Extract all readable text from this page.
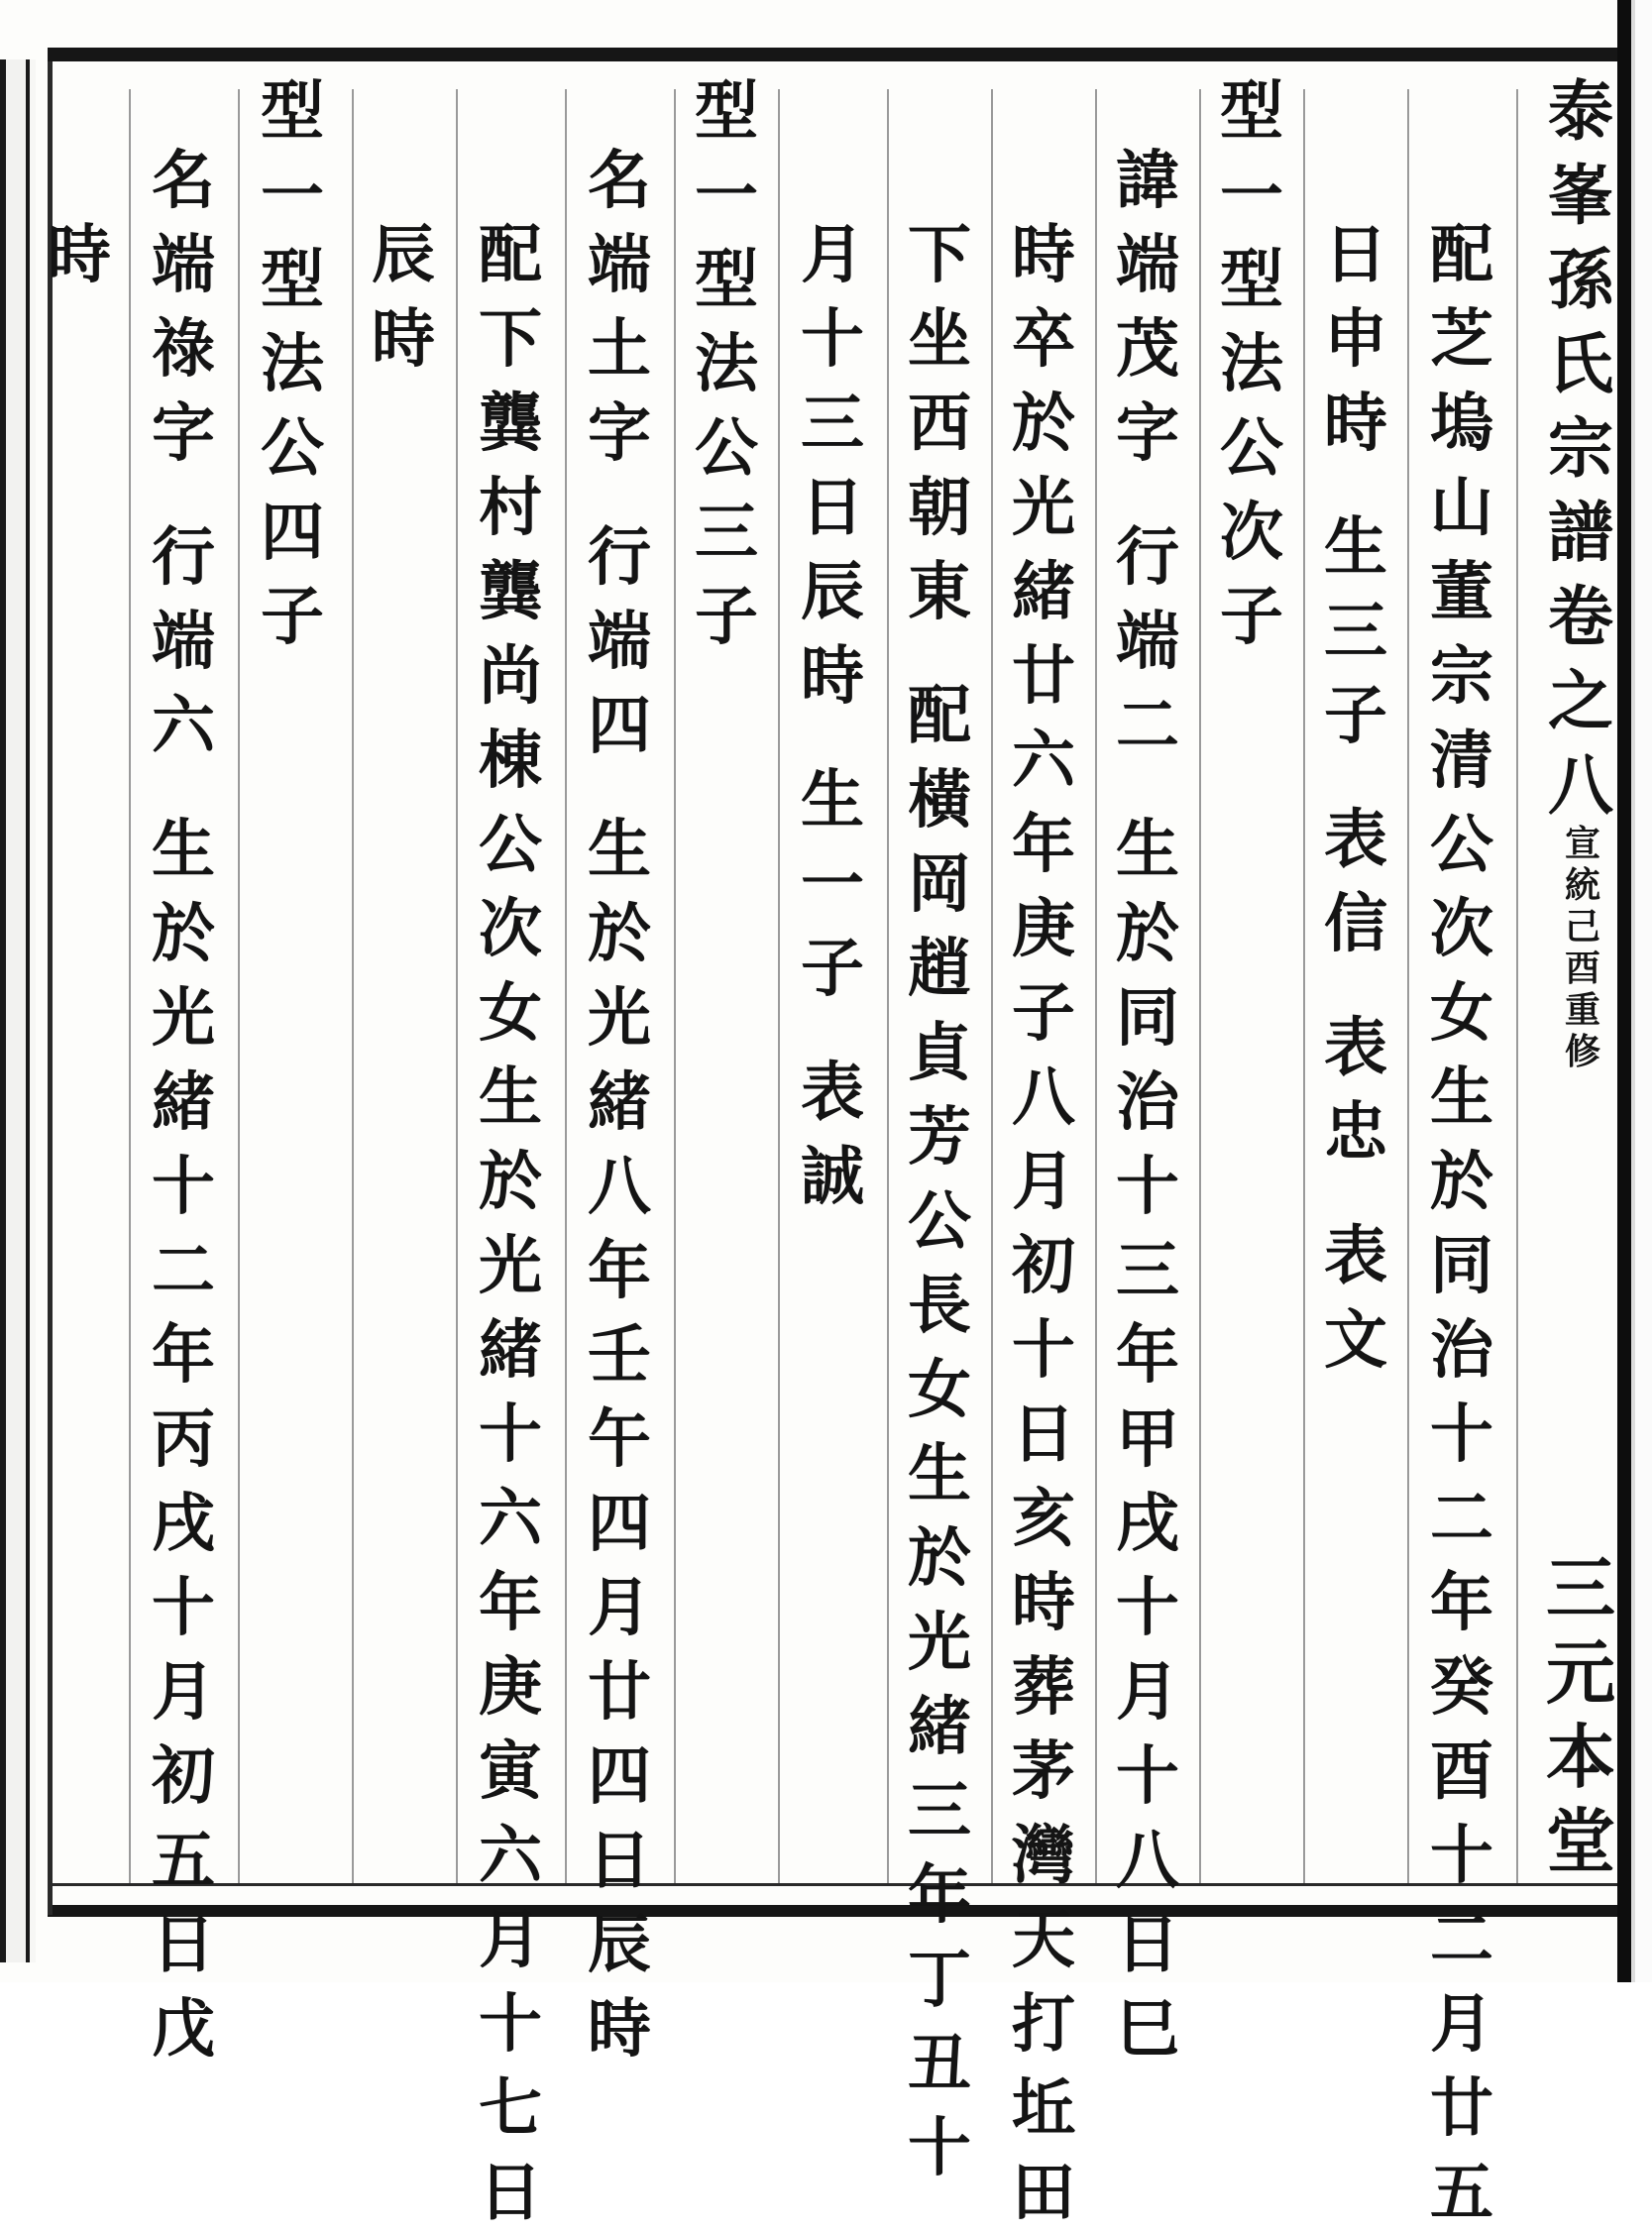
泰
峯
孫
氏
宗
譜
卷
之
八
宣
統
己
酉
重
修
三
元
本
堂
配
芝
塢
山
董
宗
清
公
次
女
生
於
同
治
十
二
年
癸
酉
十
二
月
廿
五
日
申
時
生
三
子
表
信
表
忠
表
文
型
一
型
法
公
次
子
諱
端
茂
字
行
端
二
生
於
同
治
十
三
年
甲
戌
十
月
十
八
日
巳
時
卒
於
光
緒
廿
六
年
庚
子
八
月
初
十
日
亥
時
葬
茅
灣
天
打
坵
田
下
坐
西
朝
東
配
橫
岡
趙
貞
芳
公
長
女
生
於
光
緒
三
年
丁
丑
十
月
十
三
日
辰
時
生
一
子
表
誠
型
一
型
法
公
三
子
名
端
土
字
行
端
四
生
於
光
緒
八
年
壬
午
四
月
廿
四
日
辰
時
配
下
龔
村
龔
尚
棟
公
次
女
生
於
光
緒
十
六
年
庚
寅
六
月
十
七
日
辰
時
型
一
型
法
公
四
子
名
端
祿
字
行
端
六
生
於
光
緒
十
二
年
丙
戌
十
月
初
五
日
戊
時
